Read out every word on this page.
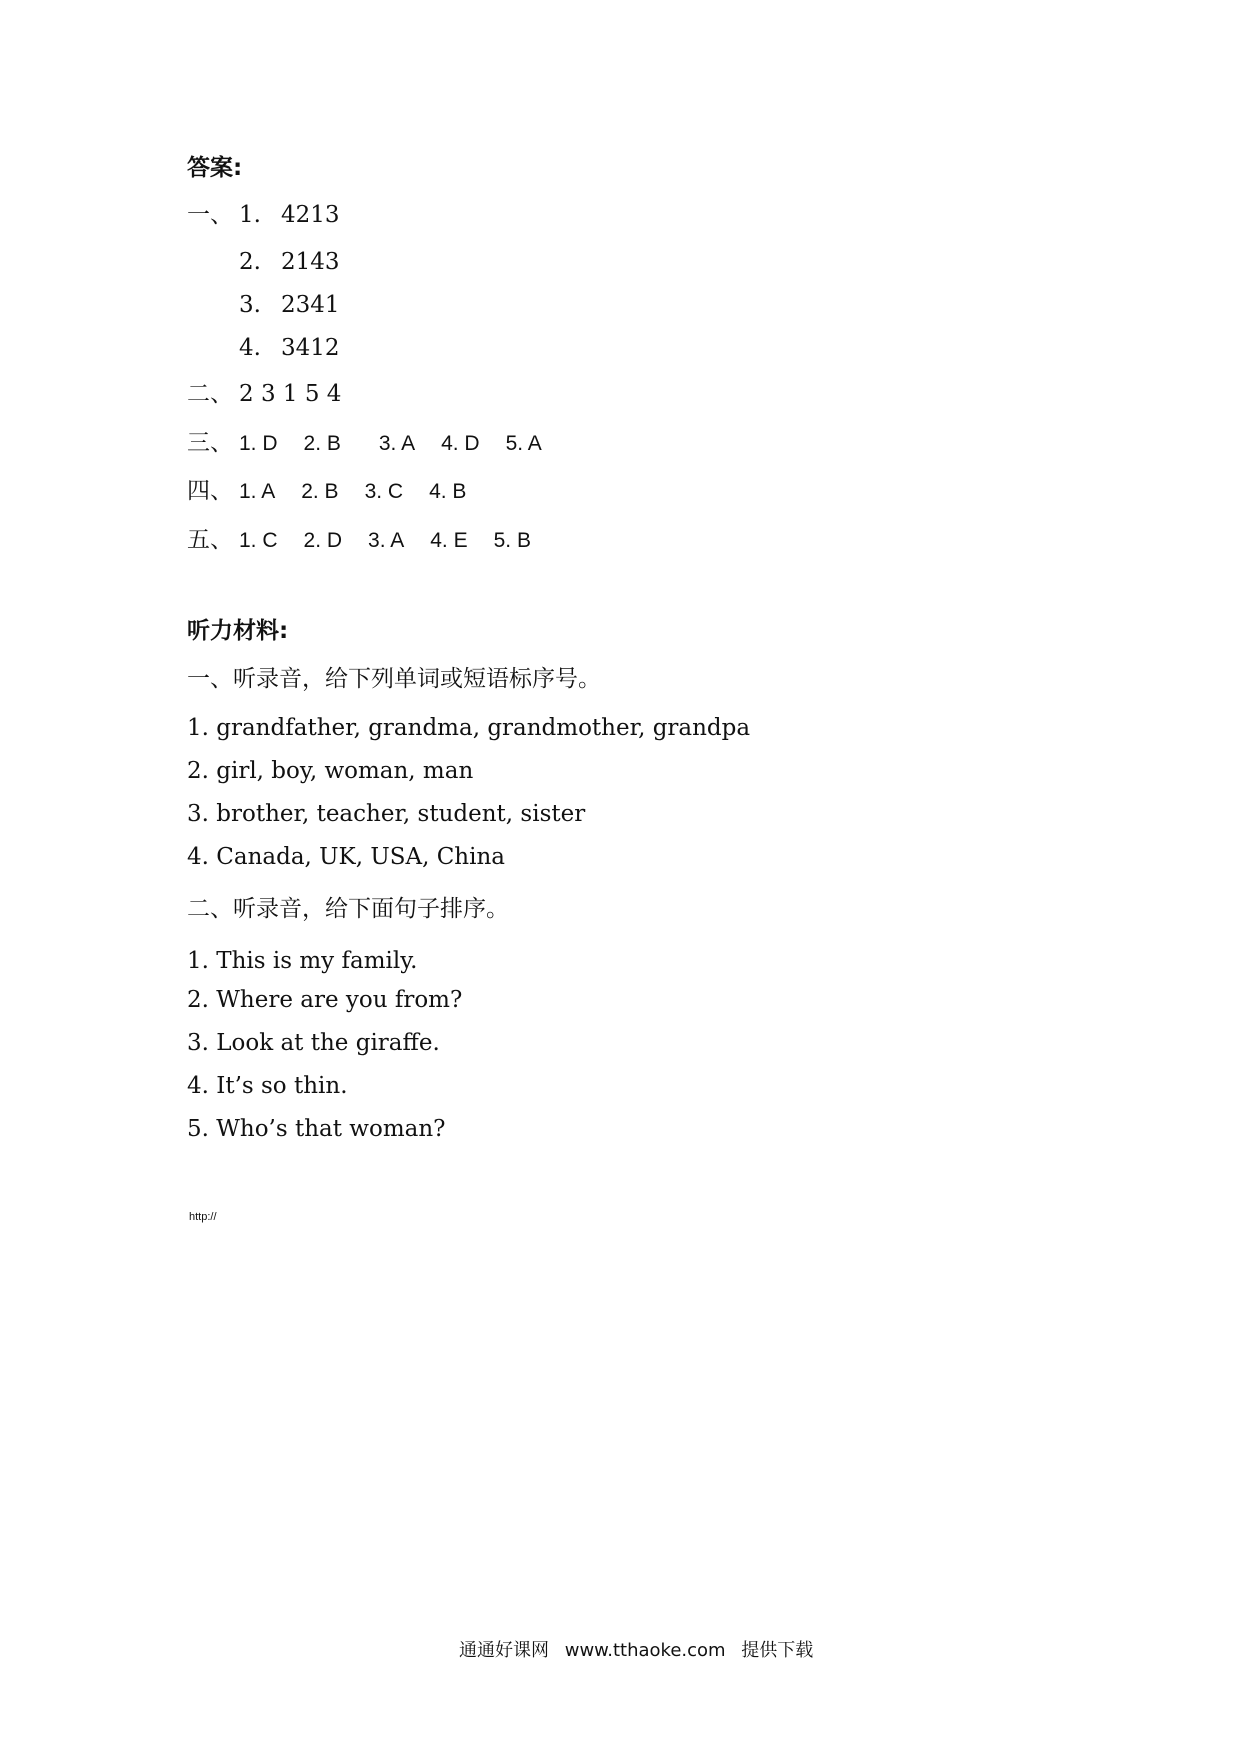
答案:
一、 1. 4213
2. 2143
3. 2341
4. 3412
二、 2 3 1 5 4
三、 1. D 2. B 3. A 4. D 5. A
四、 1. A 2. B 3. C 4. B
五、 1. C 2. D 3. A 4. E 5. B
听力材料:
一、听录音，给下列单词或短语标序号。
1. grandfather, grandma, grandmother, grandpa
2. girl, boy, woman, man
3. brother, teacher, student, sister
4. Canada, UK, USA, China
二、听录音，给下面句子排序。
1. This is my family.
2. Where are you from?
3. Look at the giraffe.
4. It’s so thin.
5. Who’s that woman?
http://
通通好课网 www.tthaoke.com 提供下载
